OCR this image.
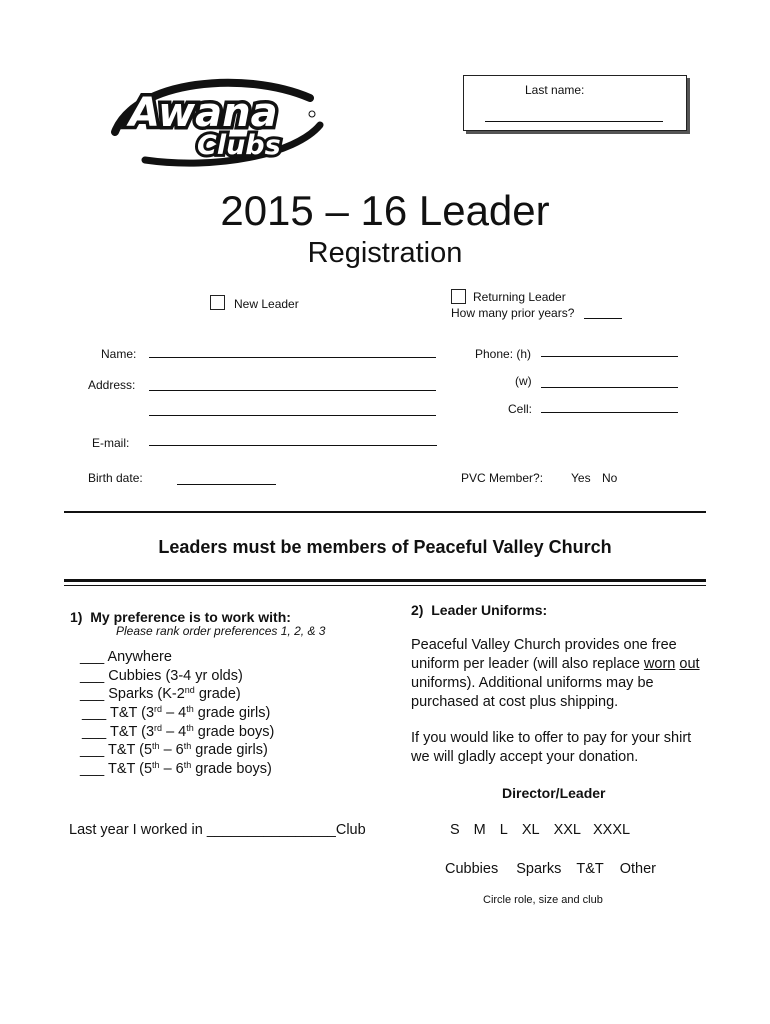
Awana
Clubs
Last name:
2015 – 16 Leader
Registration
New Leader	Returning Leader
How many prior years?
Name:
Address:
E-mail:
Birth date:
Phone: (h)
(w)
Cell:
PVC Member?: Yes No
Leaders must be members of Peaceful Valley Church
1)  My preference is to work with:
Please rank order preferences 1, 2, & 3
___ Anywhere
___ Cubbies (3-4 yr olds)
___ Sparks (K-2nd grade)
___ T&T (3rd – 4th grade girls)
___ T&T (3rd – 4th grade boys)
___ T&T (5th – 6th grade girls)
___ T&T (5th – 6th grade boys)
Last year I worked in ________________Club
2)  Leader Uniforms:
Peaceful Valley Church provides one free uniform per leader (will also replace worn out uniforms). Additional uniforms may be purchased at cost plus shipping.
If you would like to offer to pay for your shirt we will gladly accept your donation.
Director/Leader
S M L XL XXL XXXL
Cubbies Sparks T&T Other
Circle role, size and club
